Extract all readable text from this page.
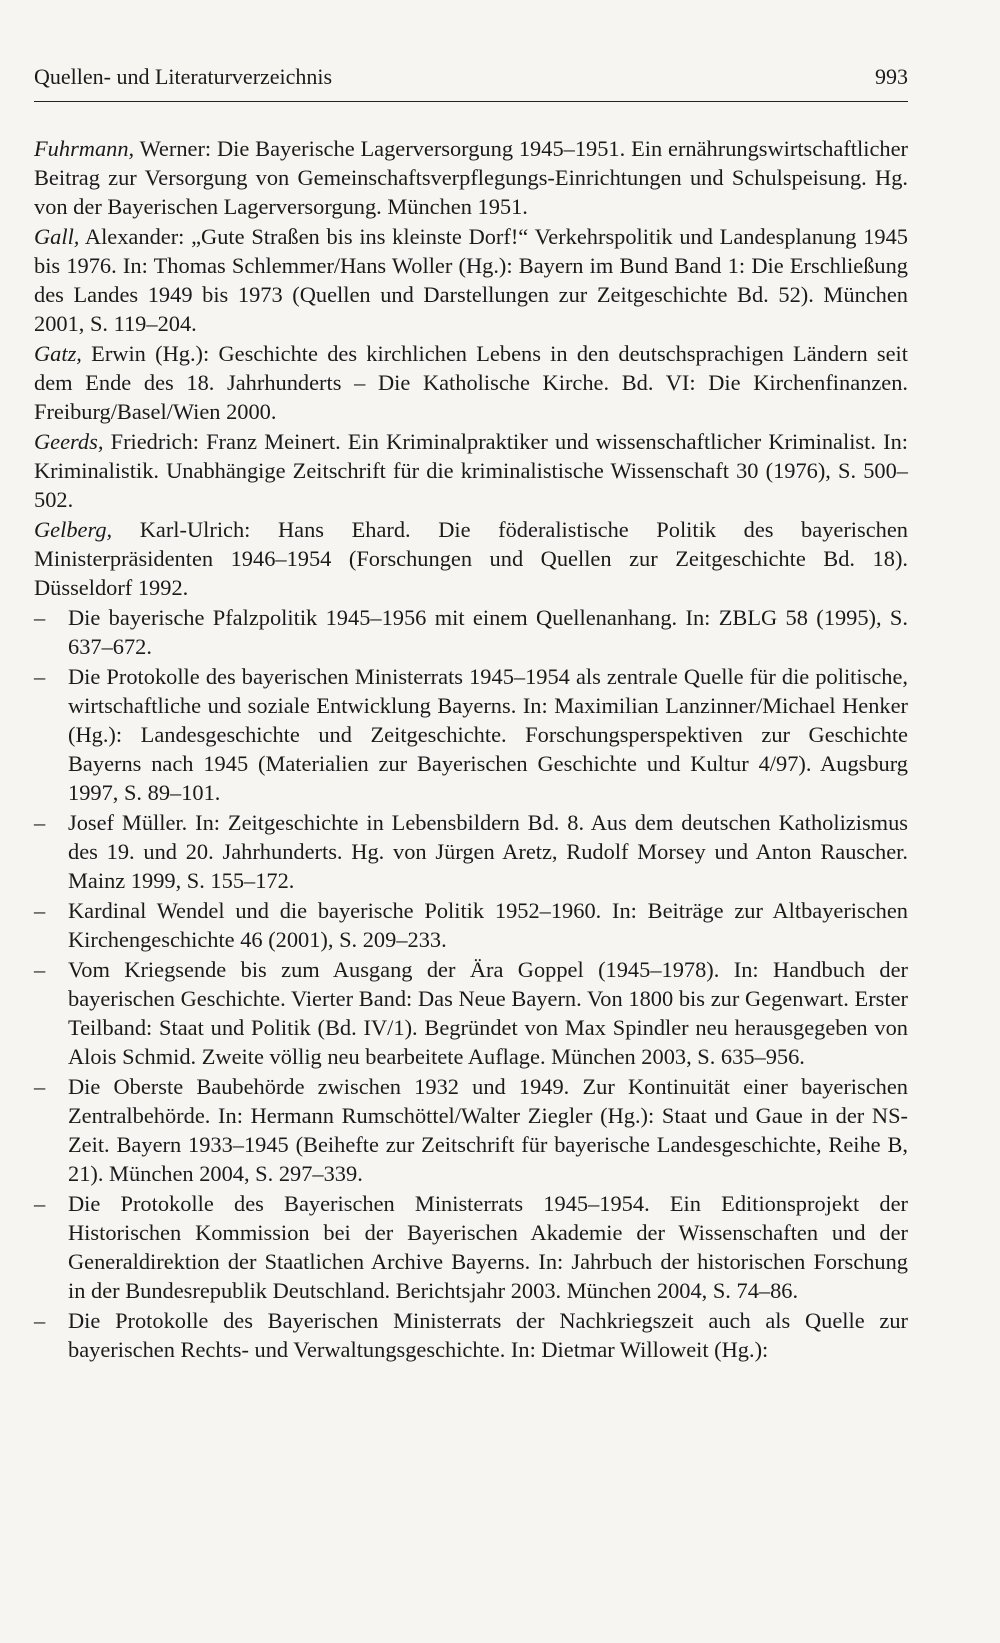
Quellen- und Literaturverzeichnis	993

Fuhrmann, Werner: Die Bayerische Lagerversorgung 1945–1951. Ein ernährungswirtschaftlicher Beitrag zur Versorgung von Gemeinschaftsverpflegungs-Einrichtungen und Schulspeisung. Hg. von der Bayerischen Lagerversorgung. München 1951.

Gall, Alexander: „Gute Straßen bis ins kleinste Dorf!“ Verkehrspolitik und Landesplanung 1945 bis 1976. In: Thomas Schlemmer/Hans Woller (Hg.): Bayern im Bund Band 1: Die Erschließung des Landes 1949 bis 1973 (Quellen und Darstellungen zur Zeitgeschichte Bd. 52). München 2001, S. 119–204.

Gatz, Erwin (Hg.): Geschichte des kirchlichen Lebens in den deutschsprachigen Ländern seit dem Ende des 18. Jahrhunderts – Die Katholische Kirche. Bd. VI: Die Kirchenfinanzen. Freiburg/Basel/Wien 2000.

Geerds, Friedrich: Franz Meinert. Ein Kriminalpraktiker und wissenschaftlicher Kriminalist. In: Kriminalistik. Unabhängige Zeitschrift für die kriminalistische Wissenschaft 30 (1976), S. 500–502.

Gelberg, Karl-Ulrich: Hans Ehard. Die föderalistische Politik des bayerischen Ministerpräsidenten 1946–1954 (Forschungen und Quellen zur Zeitgeschichte Bd. 18). Düsseldorf 1992.

– Die bayerische Pfalzpolitik 1945–1956 mit einem Quellenanhang. In: ZBLG 58 (1995), S. 637–672.

– Die Protokolle des bayerischen Ministerrats 1945–1954 als zentrale Quelle für die politische, wirtschaftliche und soziale Entwicklung Bayerns. In: Maximilian Lanzinner/Michael Henker (Hg.): Landesgeschichte und Zeitgeschichte. Forschungsperspektiven zur Geschichte Bayerns nach 1945 (Materialien zur Bayerischen Geschichte und Kultur 4/97). Augsburg 1997, S. 89–101.

– Josef Müller. In: Zeitgeschichte in Lebensbildern Bd. 8. Aus dem deutschen Katholizismus des 19. und 20. Jahrhunderts. Hg. von Jürgen Aretz, Rudolf Morsey und Anton Rauscher. Mainz 1999, S. 155–172.

– Kardinal Wendel und die bayerische Politik 1952–1960. In: Beiträge zur Altbayerischen Kirchengeschichte 46 (2001), S. 209–233.

– Vom Kriegsende bis zum Ausgang der Ära Goppel (1945–1978). In: Handbuch der bayerischen Geschichte. Vierter Band: Das Neue Bayern. Von 1800 bis zur Gegenwart. Erster Teilband: Staat und Politik (Bd. IV/1). Begründet von Max Spindler neu herausgegeben von Alois Schmid. Zweite völlig neu bearbeitete Auflage. München 2003, S. 635–956.

– Die Oberste Baubehörde zwischen 1932 und 1949. Zur Kontinuität einer bayerischen Zentralbehörde. In: Hermann Rumschöttel/Walter Ziegler (Hg.): Staat und Gaue in der NS-Zeit. Bayern 1933–1945 (Beihefte zur Zeitschrift für bayerische Landesgeschichte, Reihe B, 21). München 2004, S. 297–339.

– Die Protokolle des Bayerischen Ministerrats 1945–1954. Ein Editionsprojekt der Historischen Kommission bei der Bayerischen Akademie der Wissenschaften und der Generaldirektion der Staatlichen Archive Bayerns. In: Jahrbuch der historischen Forschung in der Bundesrepublik Deutschland. Berichtsjahr 2003. München 2004, S. 74–86.

– Die Protokolle des Bayerischen Ministerrats der Nachkriegszeit auch als Quelle zur bayerischen Rechts- und Verwaltungsgeschichte. In: Dietmar Willoweit (Hg.):
